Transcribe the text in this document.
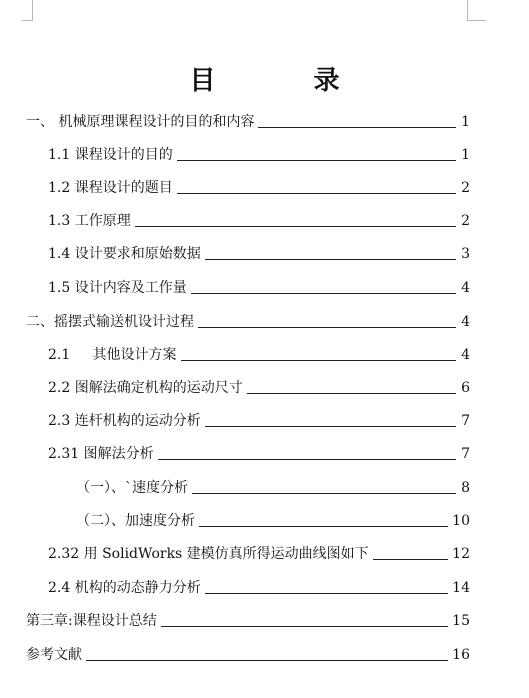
目　录
一、 机械原理课程设计的目的和内容	1
1.1 课程设计的目的	1
1.2 课程设计的题目	2
1.3 工作原理	2
1.4 设计要求和原始数据	3
1.5 设计内容及工作量	4
二、摇摆式输送机设计过程	4
2.1     其他设计方案	4
2.2 图解法确定机构的运动尺寸	6
2.3 连杆机构的运动分析	7
2.31 图解法分析	7
（一）、`速度分析	8
（二）、加速度分析	10
2.32 用 SolidWorks 建模仿真所得运动曲线图如下	12
2.4 机构的动态静力分析	14
第三章:课程设计总结	15
参考文献	16
